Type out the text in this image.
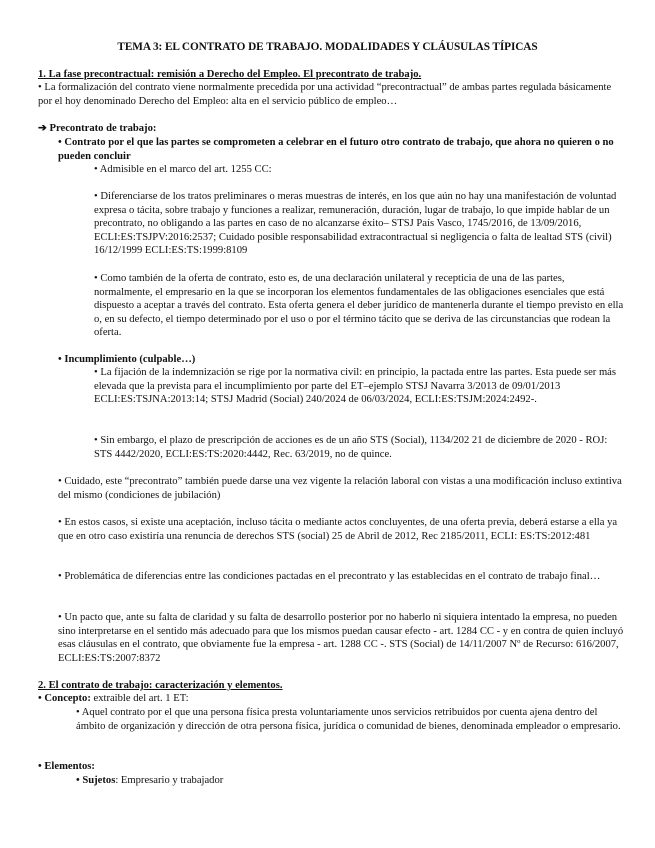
TEMA 3: EL CONTRATO DE TRABAJO. MODALIDADES Y CLÁUSULAS TÍPICAS
1. La fase precontractual: remisión a Derecho del Empleo. El precontrato de trabajo.

• La formalización del contrato viene normalmente precedida por una actividad “precontractual” de ambas partes regulada básicamente por el hoy denominado Derecho del Empleo: alta en el servicio público de empleo…

➔ Precontrato de trabajo:

• Contrato por el que las partes se comprometen a celebrar en el futuro otro contrato de trabajo, que ahora no quieren o no pueden concluir

• Admisible en el marco del art. 1255 CC:

• Diferenciarse de los tratos preliminares o meras muestras de interés, en los que aún no hay una manifestación de voluntad expresa o tácita, sobre trabajo y funciones a realizar, remuneración, duración, lugar de trabajo, lo que impide hablar de un precontrato, no obligando a las partes en caso de no alcanzarse éxito– STSJ País Vasco, 1745/2016, de 13/09/2016, ECLI:ES:TSJPV:2016:2537; Cuidado posible responsabilidad extracontractual si negligencia o falta de lealtad STS (civil) 16/12/1999 ECLI:ES:TS:1999:8109

• Como también de la oferta de contrato, esto es, de una declaración unilateral y recepticia de una de las partes, normalmente, el empresario en la que se incorporan los elementos fundamentales de las obligaciones esenciales que está dispuesto a aceptar a través del contrato. Esta oferta genera el deber jurídico de mantenerla durante el tiempo previsto en ella o, en su defecto, el tiempo determinado por el uso o por el término tácito que se deriva de las circunstancias que rodean la oferta.

• Incumplimiento (culpable…)

• La fijación de la indemnización se rige por la normativa civil: en principio, la pactada entre las partes. Esta puede ser más elevada que la prevista para el incumplimiento por parte del ET–ejemplo STSJ Navarra 3/2013 de 09/01/2013 ECLI:ES:TSJNA:2013:14; STSJ Madrid (Social) 240/2024 de 06/03/2024, ECLI:ES:TSJM:2024:2492-.

• Sin embargo, el plazo de prescripción de acciones es de un año STS (Social), 1134/202 21 de diciembre de 2020 - ROJ: STS 4442/2020, ECLI:ES:TS:2020:4442, Rec. 63/2019, no de quince.

• Cuidado, este “precontrato” también puede darse una vez vigente la relación laboral con vistas a una modificación incluso extintiva del mismo (condiciones de jubilación)

• En estos casos, si existe una aceptación, incluso tácita o mediante actos concluyentes, de una oferta previa, deberá estarse a ella ya que en otro caso existiría una renuncia de derechos STS (social) 25 de Abril de 2012, Rec 2185/2011, ECLI: ES:TS:2012:481

• Problemática de diferencias entre las condiciones pactadas en el precontrato y las establecidas en el contrato de trabajo final…

• Un pacto que, ante su falta de claridad y su falta de desarrollo posterior por no haberlo ni siquiera intentado la empresa, no pueden sino interpretarse en el sentido más adecuado para que los mismos puedan causar efecto - art. 1284 CC - y en contra de quien incluyó esas cláusulas en el contrato, que obviamente fue la empresa - art. 1288 CC -. STS (Social) de 14/11/2007 Nº de Recurso: 616/2007, ECLI:ES:TS:2007:8372

2. El contrato de trabajo: caracterización y elementos.

• Concepto: extraible del art. 1 ET:

• Aquel contrato por el que una persona física presta voluntariamente unos servicios retribuidos por cuenta ajena dentro del ámbito de organización y dirección de otra persona física, jurídica o comunidad de bienes, denominada empleador o empresario.

• Elementos:

• Sujetos: Empresario y trabajador
